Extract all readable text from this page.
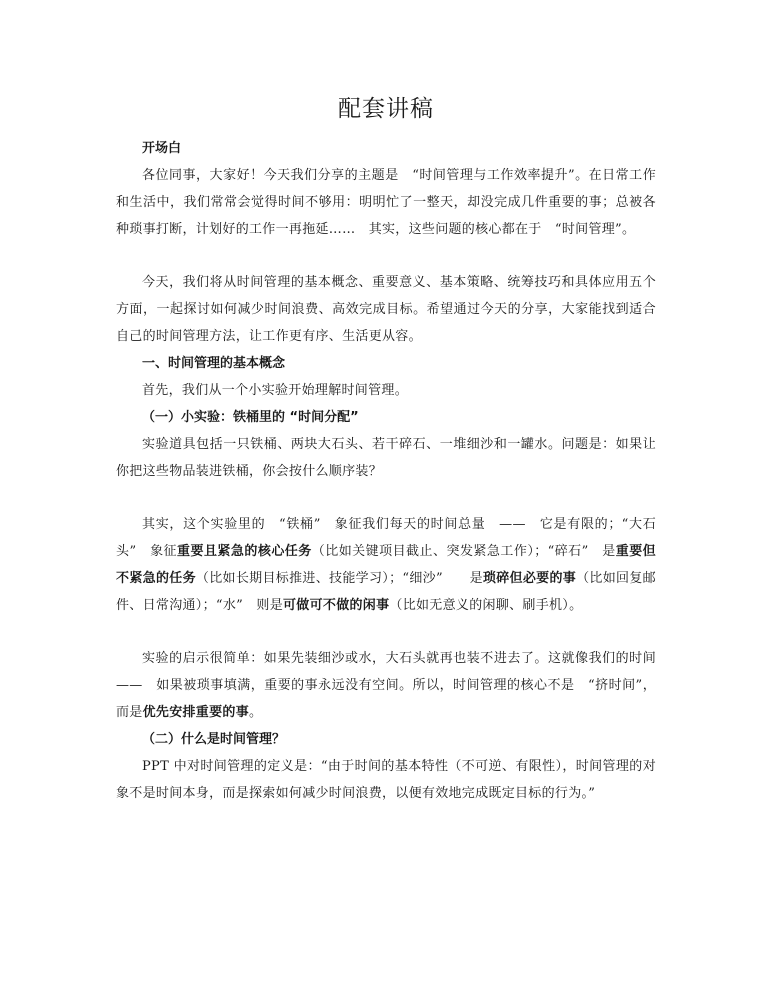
配套讲稿
开场白

各位同事，大家好！今天我们分享的主题是　“时间管理与工作效率提升”。在日常工作和生活中，我们常常会觉得时间不够用：明明忙了一整天，却没完成几件重要的事；总被各种琐事打断，计划好的工作一再拖延……　其实，这些问题的核心都在于　“时间管理”。

今天，我们将从时间管理的基本概念、重要意义、基本策略、统筹技巧和具体应用五个方面，一起探讨如何减少时间浪费、高效完成目标。希望通过今天的分享，大家能找到适合自己的时间管理方法，让工作更有序、生活更从容。

一、时间管理的基本概念

首先，我们从一个小实验开始理解时间管理。

（一）小实验：铁桶里的 “时间分配”

实验道具包括一只铁桶、两块大石头、若干碎石、一堆细沙和一罐水。问题是：如果让你把这些物品装进铁桶，你会按什么顺序装？

其实，这个实验里的　“铁桶”　象征我们每天的时间总量　——　它是有限的；“大石头”　象征重要且紧急的核心任务（比如关键项目截止、突发紧急工作）；“碎石”　是重要但不紧急的任务（比如长期目标推进、技能学习）；“细沙”　　是琐碎但必要的事（比如回复邮件、日常沟通）；“水”　则是可做可不做的闲事（比如无意义的闲聊、刷手机）。

实验的启示很简单：如果先装细沙或水，大石头就再也装不进去了。这就像我们的时间　——　如果被琐事填满，重要的事永远没有空间。所以，时间管理的核心不是　“挤时间”，而是优先安排重要的事。

（二）什么是时间管理？

PPT 中对时间管理的定义是：“由于时间的基本特性（不可逆、有限性），时间管理的对象不是时间本身，而是探索如何减少时间浪费，以便有效地完成既定目标的行为。”
